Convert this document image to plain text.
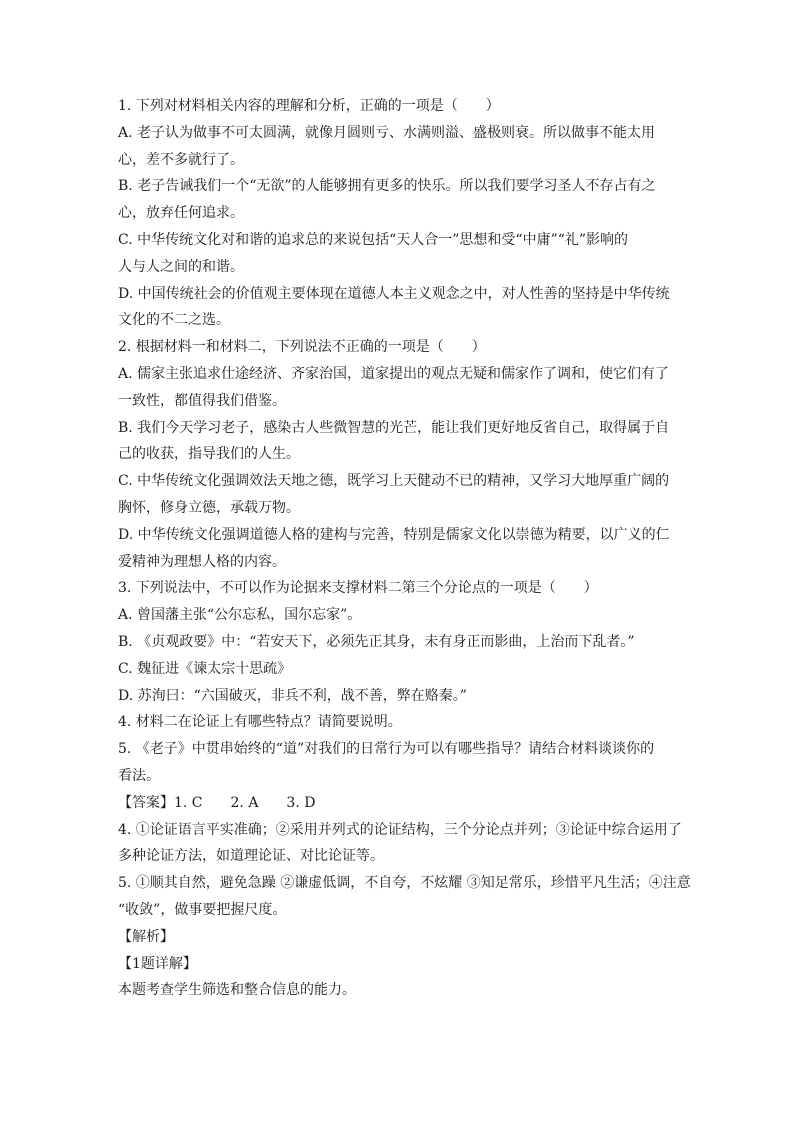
1. 下列对材料相关内容的理解和分析，正确的一项是（　　）
A. 老子认为做事不可太圆满，就像月圆则亏、水满则溢、盛极则衰。所以做事不能太用
心，差不多就行了。
B. 老子告诫我们一个“无欲”的人能够拥有更多的快乐。所以我们要学习圣人不存占有之
心，放弃任何追求。
C. 中华传统文化对和谐的追求总的来说包括“天人合一”思想和受“中庸”“礼”影响的
人与人之间的和谐。
D. 中国传统社会的价值观主要体现在道德人本主义观念之中，对人性善的坚持是中华传统
文化的不二之选。
2. 根据材料一和材料二，下列说法不正确的一项是（　　）
A. 儒家主张追求仕途经济、齐家治国，道家提出的观点无疑和儒家作了调和，使它们有了
一致性，都值得我们借鉴。
B. 我们今天学习老子，感染古人些微智慧的光芒，能让我们更好地反省自己，取得属于自
己的收获，指导我们的人生。
C. 中华传统文化强调效法天地之德，既学习上天健动不已的精神，又学习大地厚重广阔的
胸怀，修身立德，承载万物。
D. 中华传统文化强调道德人格的建构与完善，特别是儒家文化以崇德为精要，以广义的仁
爱精神为理想人格的内容。
3. 下列说法中，不可以作为论据来支撑材料二第三个分论点的一项是（　　）
A. 曾国藩主张“公尔忘私，国尔忘家”。
B. 《贞观政要》中：“若安天下，必须先正其身，未有身正而影曲，上治而下乱者。”
C. 魏征进《谏太宗十思疏》
D. 苏洵曰：“六国破灭，非兵不利，战不善，弊在赂秦。”
4. 材料二在论证上有哪些特点？请简要说明。
5. 《老子》中贯串始终的“道”对我们的日常行为可以有哪些指导？请结合材料谈谈你的
看法。
【答案】1. C　　2. A　　3. D
4. ①论证语言平实准确；②采用并列式的论证结构，三个分论点并列；③论证中综合运用了
多种论证方法，如道理论证、对比论证等。
5. ①顺其自然，避免急躁 ②谦虚低调，不自夸，不炫耀 ③知足常乐，珍惜平凡生活；④注意
“收敛”，做事要把握尺度。
【解析】
【1题详解】
本题考查学生筛选和整合信息的能力。
